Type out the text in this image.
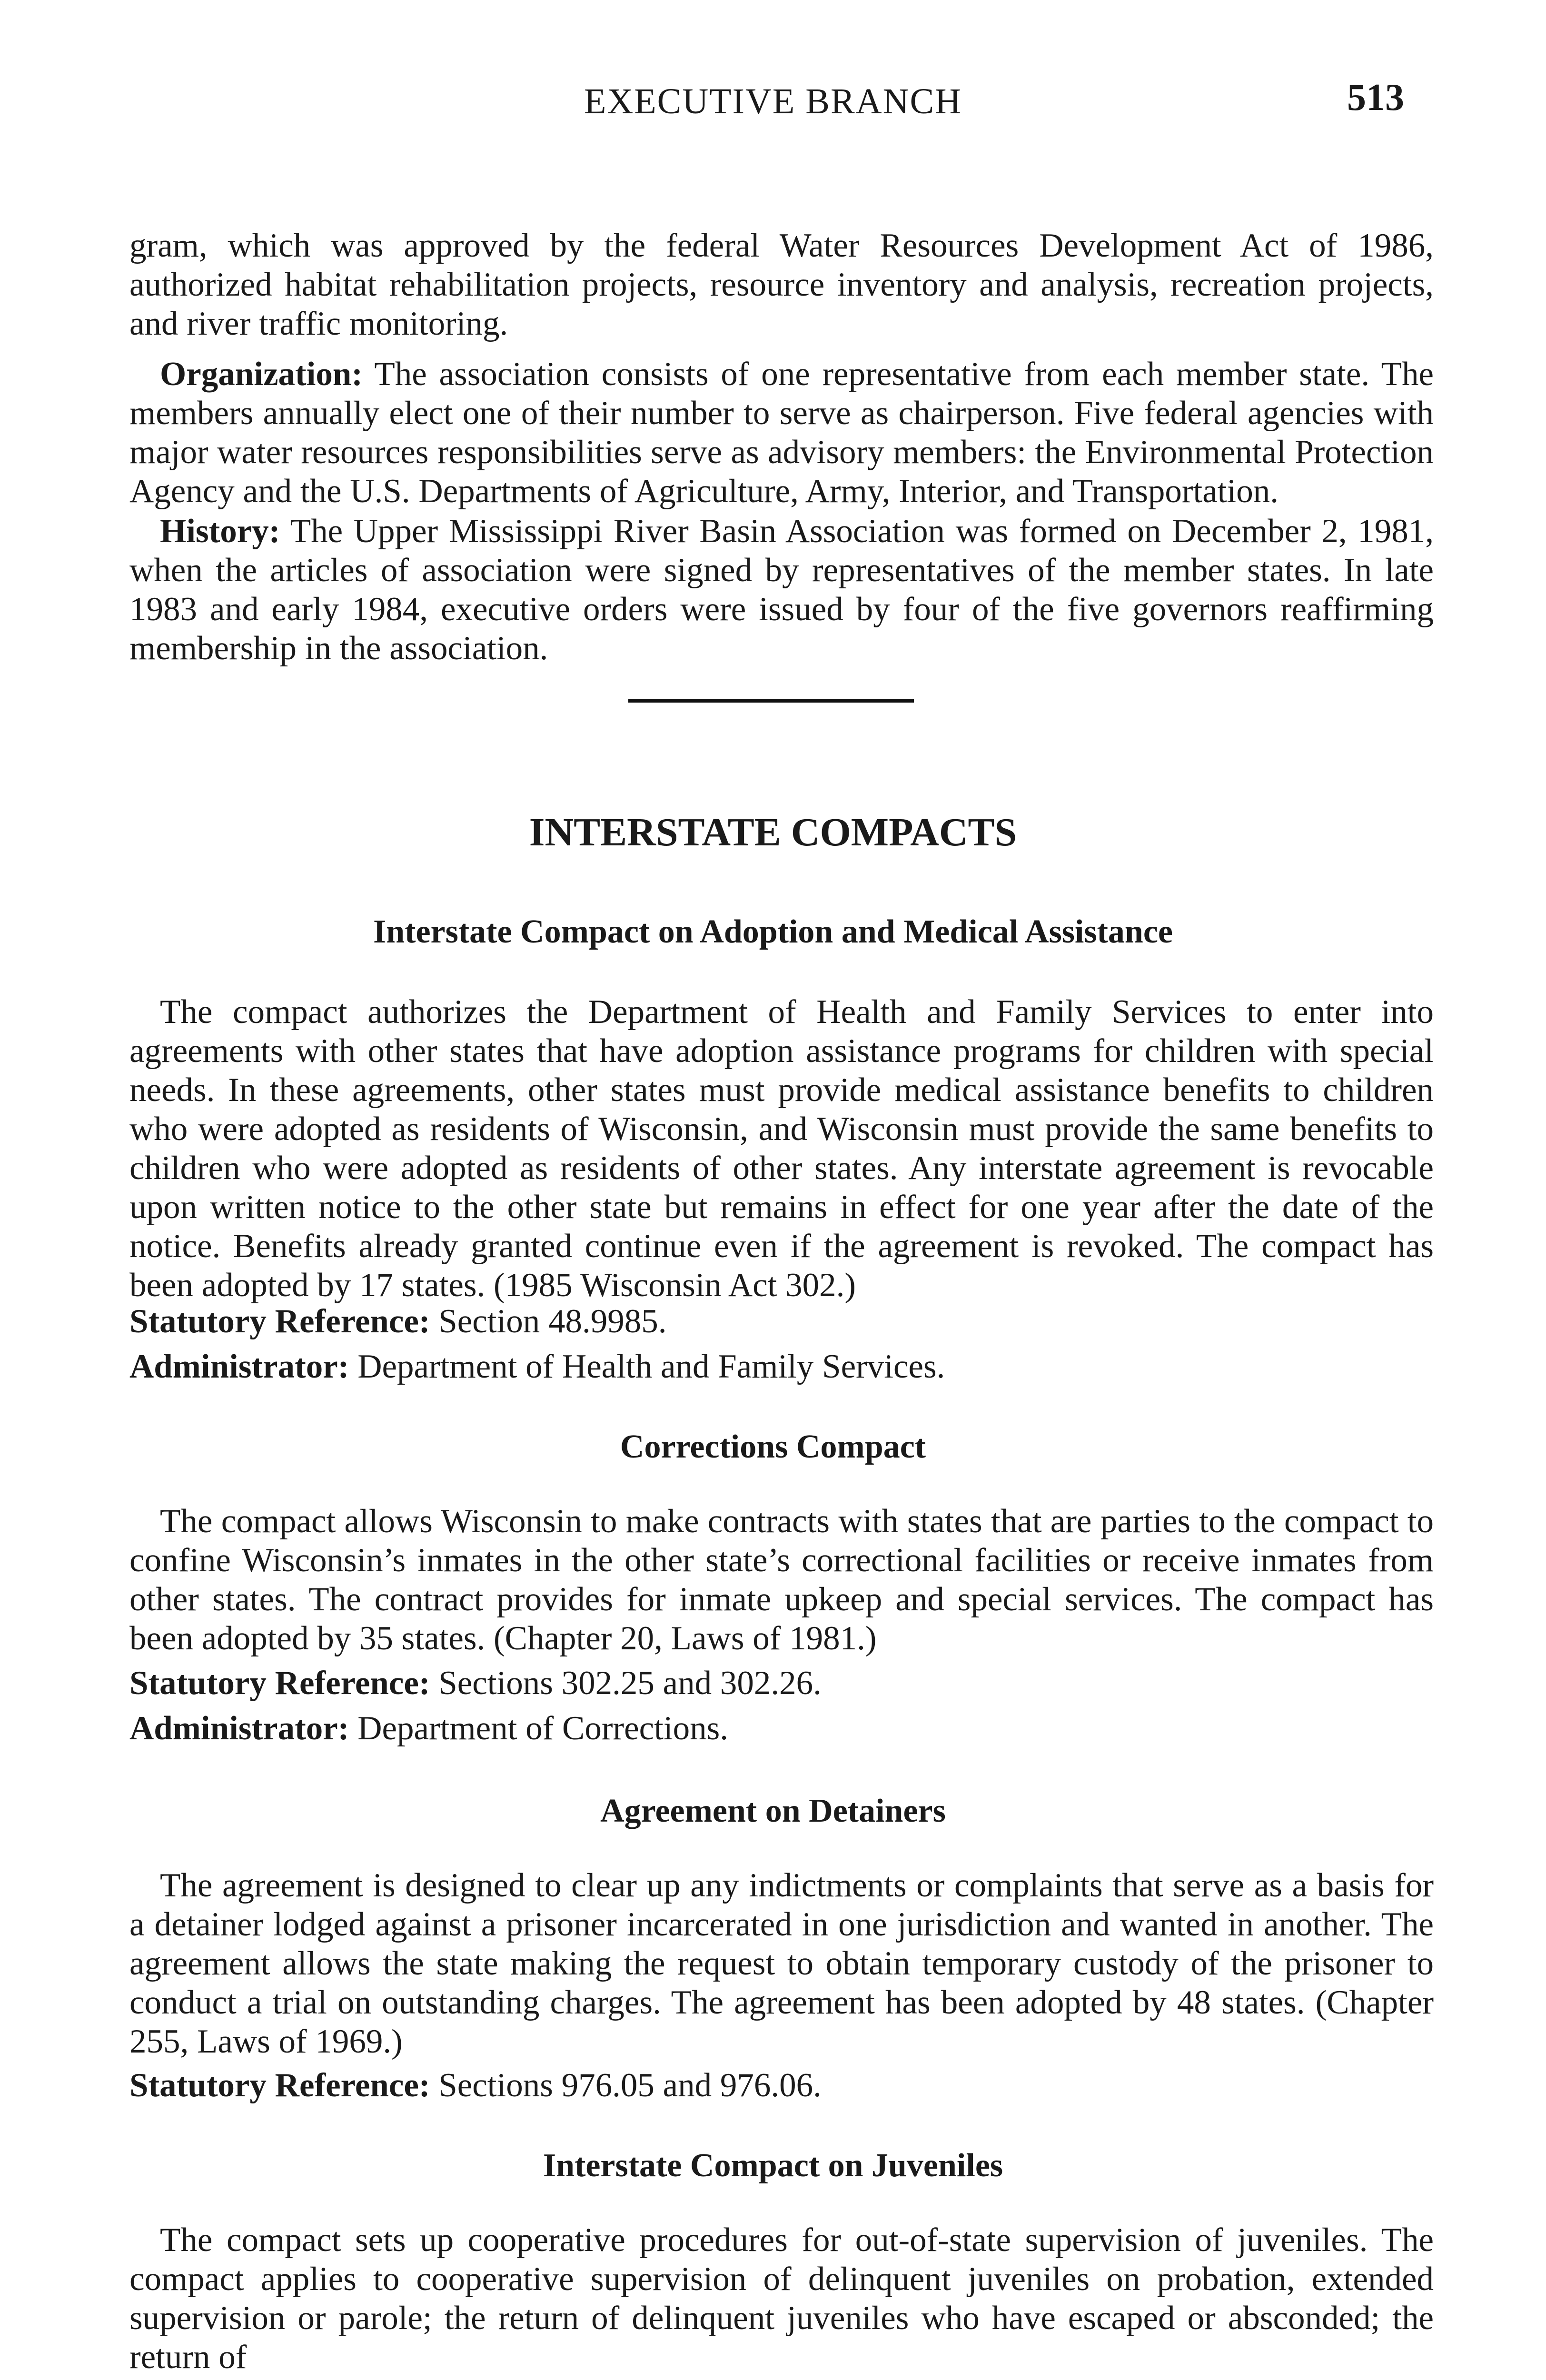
EXECUTIVE BRANCH	513

gram, which was approved by the federal Water Resources Development Act of 1986, authorized habitat rehabilitation projects, resource inventory and analysis, recreation projects, and river traffic monitoring.

Organization: The association consists of one representative from each member state. The members annually elect one of their number to serve as chairperson. Five federal agencies with major water resources responsibilities serve as advisory members: the Environmental Protection Agency and the U.S. Departments of Agriculture, Army, Interior, and Transportation.

History: The Upper Mississippi River Basin Association was formed on December 2, 1981, when the articles of association were signed by representatives of the member states. In late 1983 and early 1984, executive orders were issued by four of the five governors reaffirming membership in the association.

INTERSTATE COMPACTS
Interstate Compact on Adoption and Medical Assistance

The compact authorizes the Department of Health and Family Services to enter into agreements with other states that have adoption assistance programs for children with special needs. In these agreements, other states must provide medical assistance benefits to children who were adopted as residents of Wisconsin, and Wisconsin must provide the same benefits to children who were adopted as residents of other states. Any interstate agreement is revocable upon written notice to the other state but remains in effect for one year after the date of the notice. Benefits already granted continue even if the agreement is revoked. The compact has been adopted by 17 states. (1985 Wisconsin Act 302.)

Statutory Reference: Section 48.9985.

Administrator: Department of Health and Family Services.

Corrections Compact

The compact allows Wisconsin to make contracts with states that are parties to the compact to confine Wisconsin’s inmates in the other state’s correctional facilities or receive inmates from other states. The contract provides for inmate upkeep and special services. The compact has been adopted by 35 states. (Chapter 20, Laws of 1981.)

Statutory Reference: Sections 302.25 and 302.26.

Administrator: Department of Corrections.

Agreement on Detainers

The agreement is designed to clear up any indictments or complaints that serve as a basis for a detainer lodged against a prisoner incarcerated in one jurisdiction and wanted in another. The agreement allows the state making the request to obtain temporary custody of the prisoner to conduct a trial on outstanding charges. The agreement has been adopted by 48 states. (Chapter 255, Laws of 1969.)

Statutory Reference: Sections 976.05 and 976.06.

Interstate Compact on Juveniles

The compact sets up cooperative procedures for out-of-state supervision of juveniles. The compact applies to cooperative supervision of delinquent juveniles on probation, extended supervision or parole; the return of delinquent juveniles who have escaped or absconded; the return of
